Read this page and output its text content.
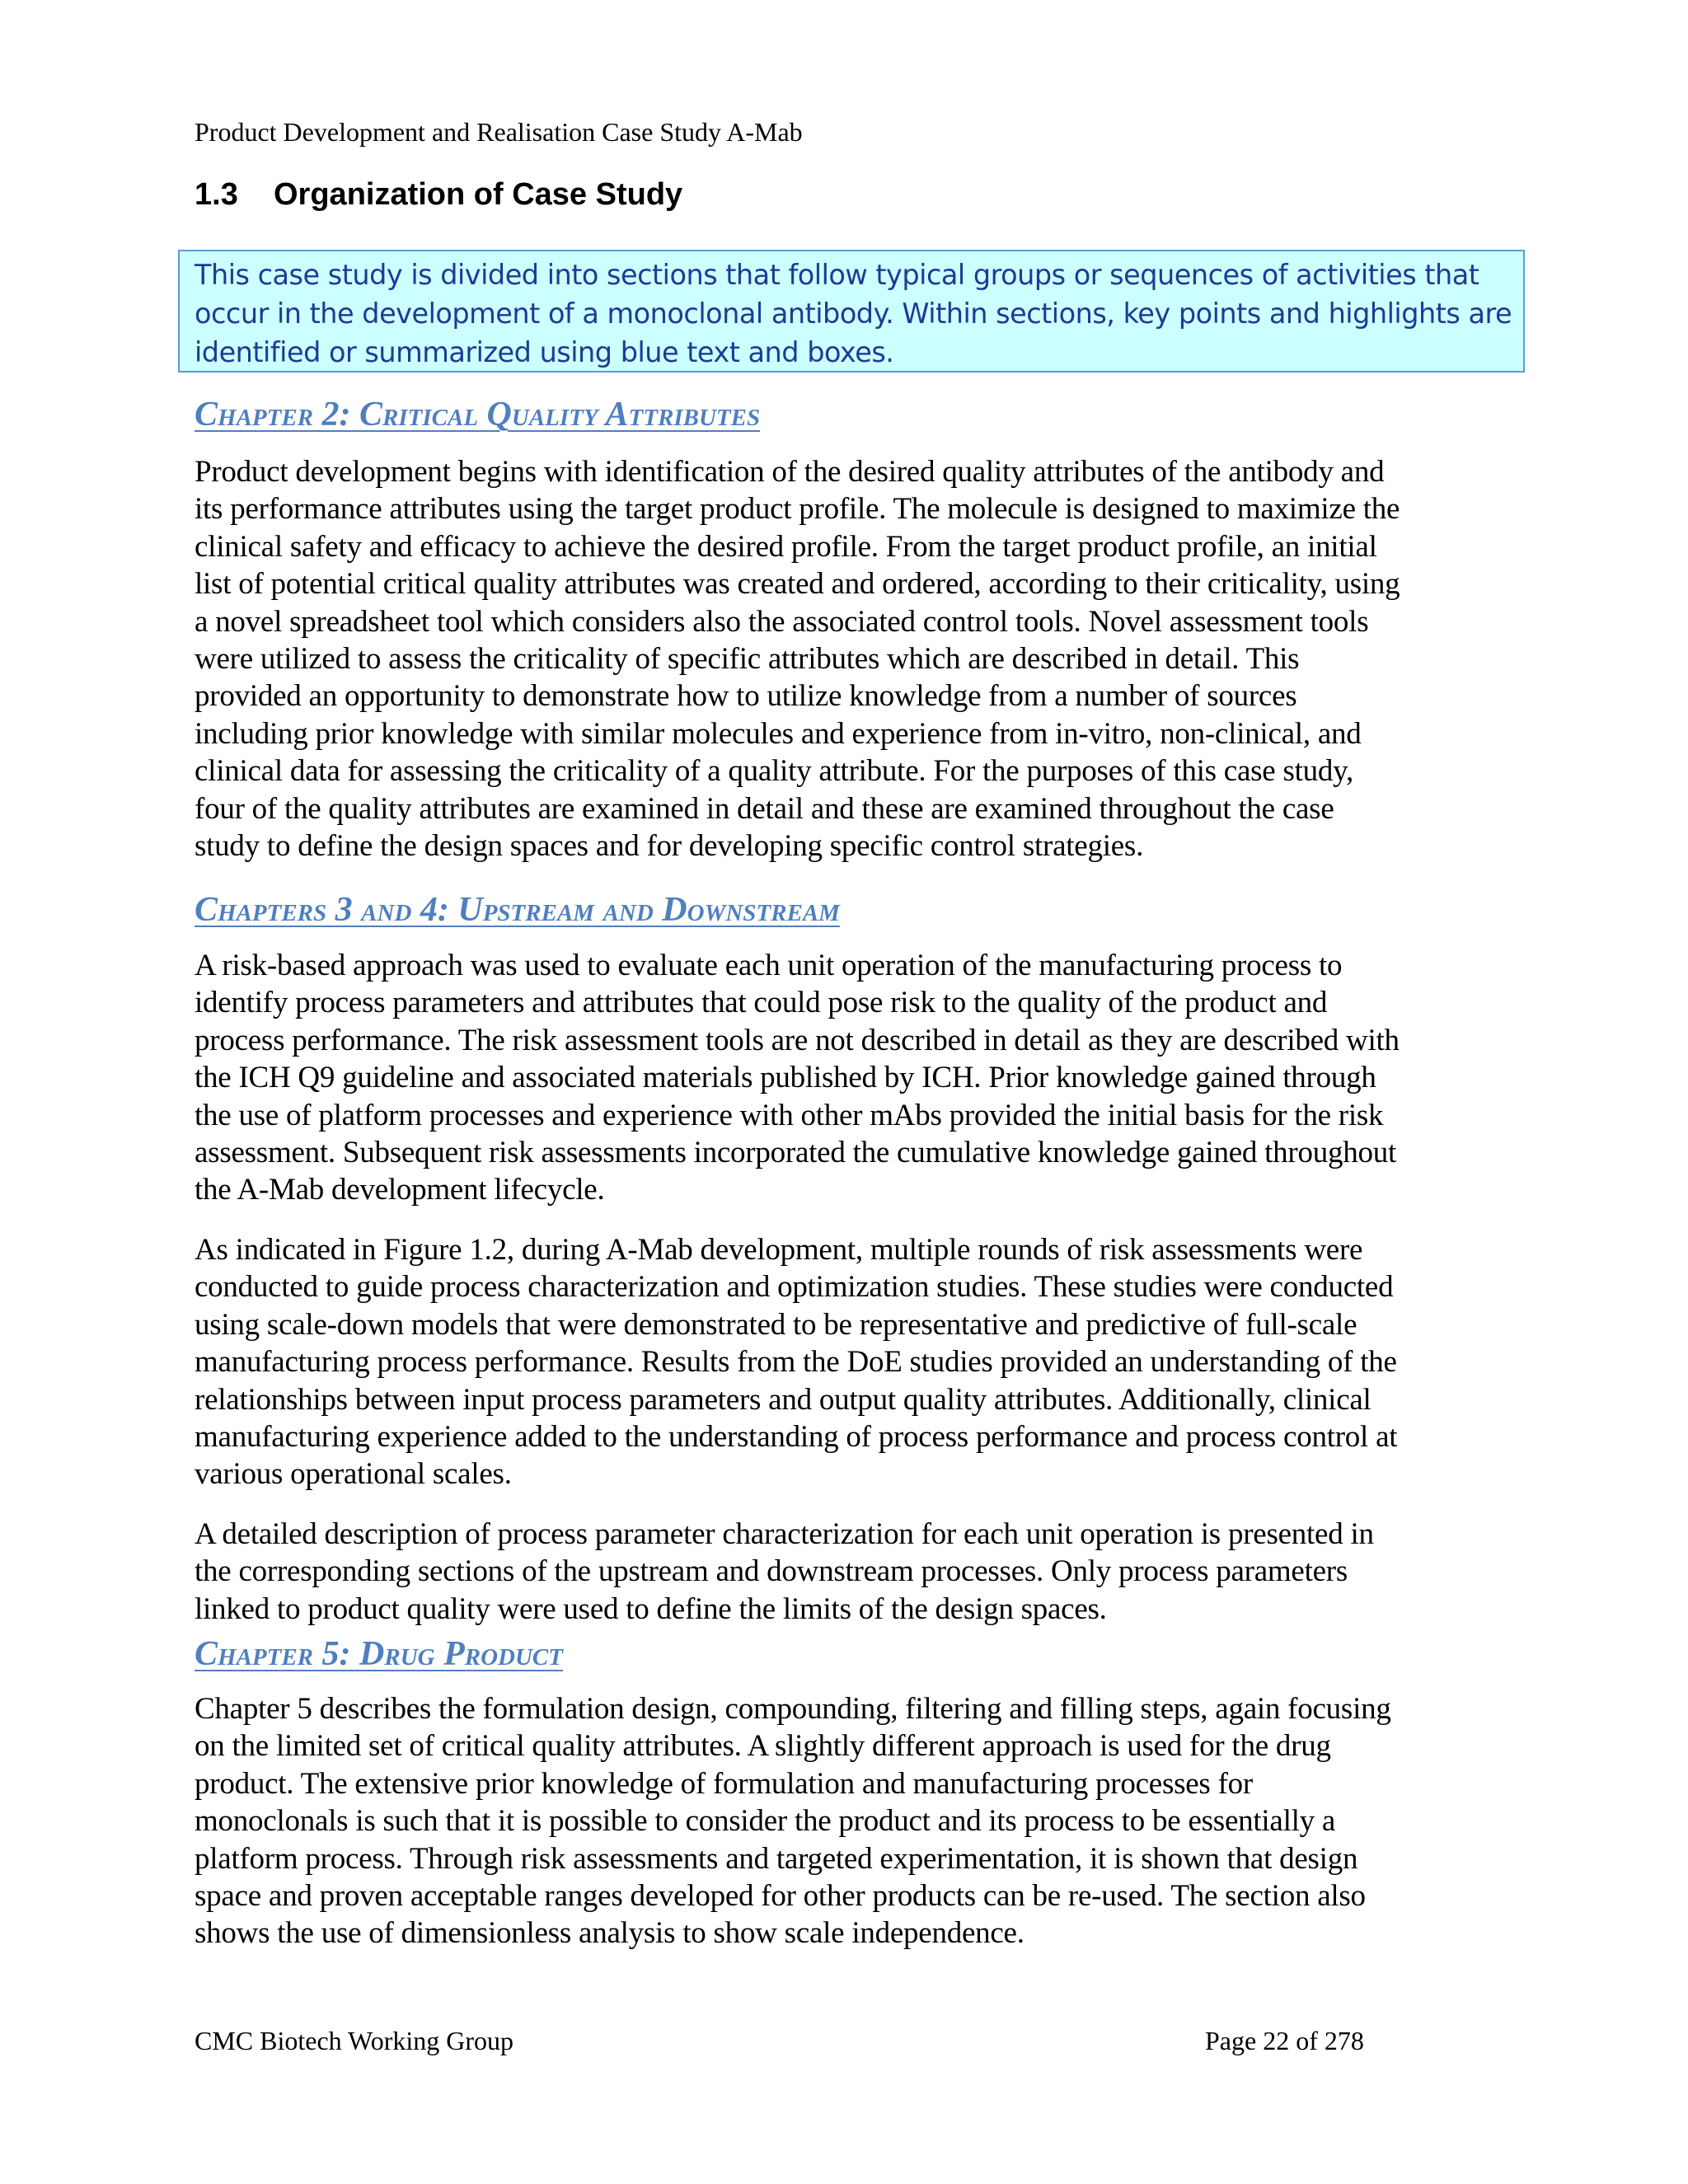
Product Development and Realisation Case Study A-Mab
1.3 Organization of Case Study
This case study is divided into sections that follow typical groups or sequences of activities that
occur in the development of a monoclonal antibody. Within sections, key points and highlights are
identified or summarized using blue text and boxes.
Chapter 2: Critical Quality Attributes
Product development begins with identification of the desired quality attributes of the antibody and
its performance attributes using the target product profile. The molecule is designed to maximize the
clinical safety and efficacy to achieve the desired profile. From the target product profile, an initial
list of potential critical quality attributes was created and ordered, according to their criticality, using
a novel spreadsheet tool which considers also the associated control tools. Novel assessment tools
were utilized to assess the criticality of specific attributes which are described in detail. This
provided an opportunity to demonstrate how to utilize knowledge from a number of sources
including prior knowledge with similar molecules and experience from in-vitro, non-clinical, and
clinical data for assessing the criticality of a quality attribute. For the purposes of this case study,
four of the quality attributes are examined in detail and these are examined throughout the case
study to define the design spaces and for developing specific control strategies.
Chapters 3 and 4: Upstream and Downstream
A risk-based approach was used to evaluate each unit operation of the manufacturing process to
identify process parameters and attributes that could pose risk to the quality of the product and
process performance. The risk assessment tools are not described in detail as they are described with
the ICH Q9 guideline and associated materials published by ICH. Prior knowledge gained through
the use of platform processes and experience with other mAbs provided the initial basis for the risk
assessment. Subsequent risk assessments incorporated the cumulative knowledge gained throughout
the A-Mab development lifecycle.
As indicated in Figure 1.2, during A-Mab development, multiple rounds of risk assessments were
conducted to guide process characterization and optimization studies. These studies were conducted
using scale-down models that were demonstrated to be representative and predictive of full-scale
manufacturing process performance. Results from the DoE studies provided an understanding of the
relationships between input process parameters and output quality attributes. Additionally, clinical
manufacturing experience added to the understanding of process performance and process control at
various operational scales.
A detailed description of process parameter characterization for each unit operation is presented in
the corresponding sections of the upstream and downstream processes. Only process parameters
linked to product quality were used to define the limits of the design spaces.
Chapter 5: Drug Product
Chapter 5 describes the formulation design, compounding, filtering and filling steps, again focusing
on the limited set of critical quality attributes. A slightly different approach is used for the drug
product. The extensive prior knowledge of formulation and manufacturing processes for
monoclonals is such that it is possible to consider the product and its process to be essentially a
platform process. Through risk assessments and targeted experimentation, it is shown that design
space and proven acceptable ranges developed for other products can be re-used. The section also
shows the use of dimensionless analysis to show scale independence.
CMC Biotech Working Group	Page 22 of 278
